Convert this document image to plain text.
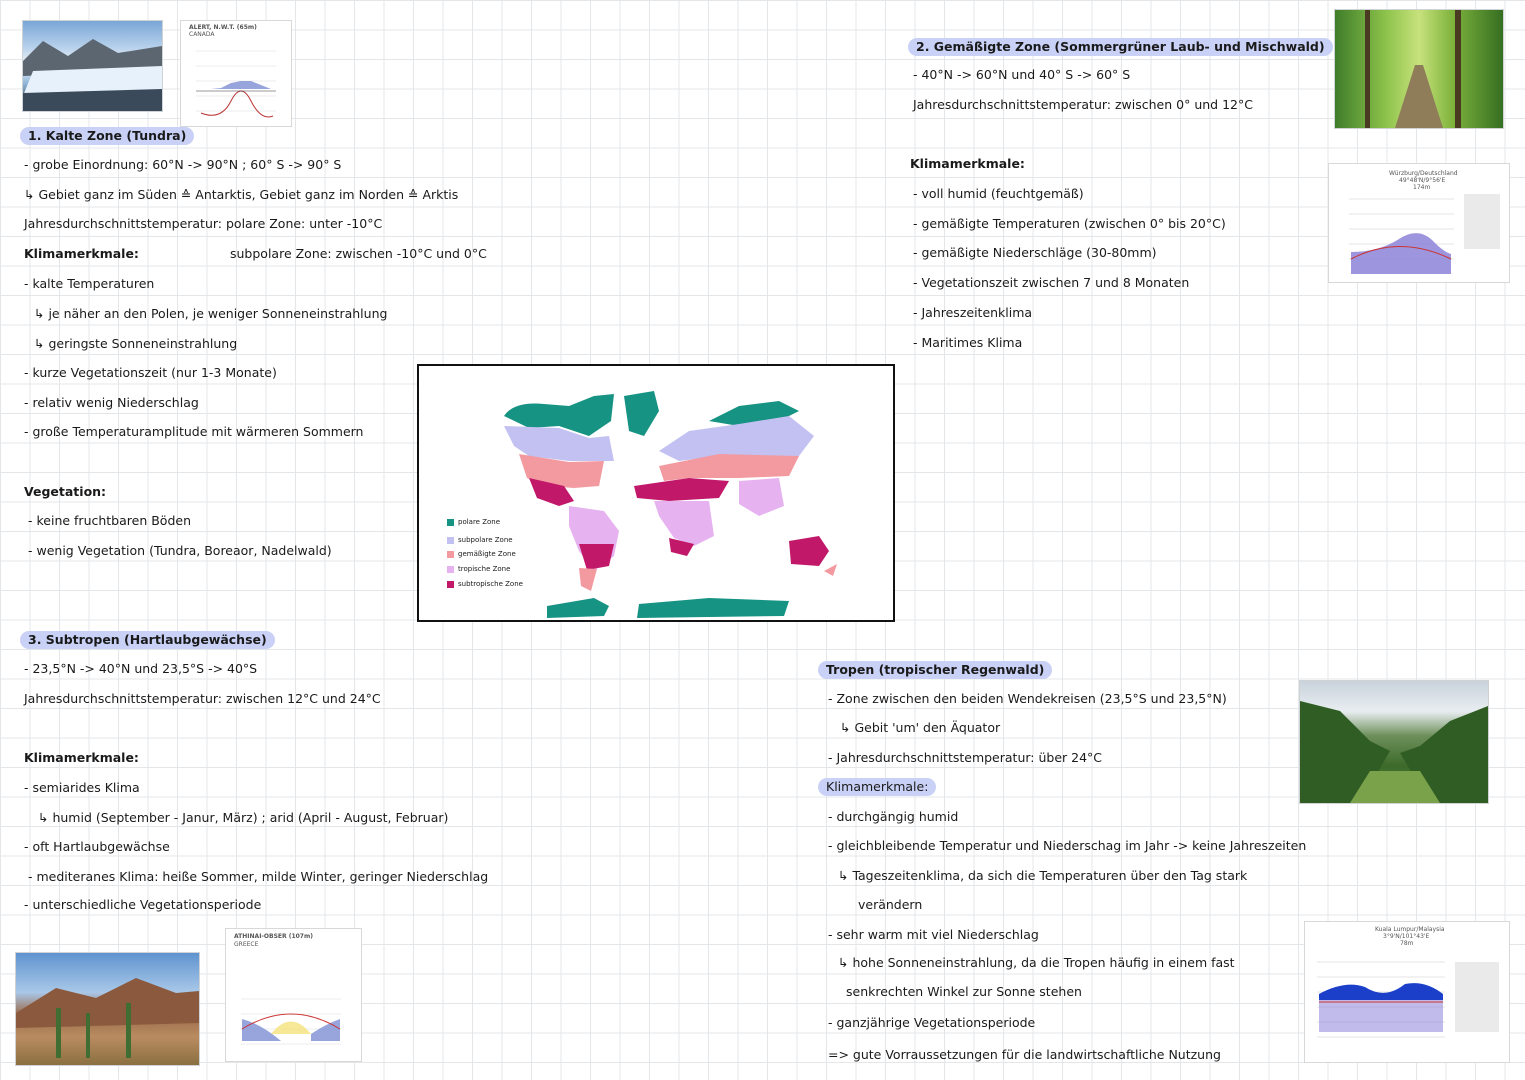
ALERT, N.W.T. (65m)
CANADA
1. Kalte Zone (Tundra)
- grobe Einordnung: 60°N -> 90°N ; 60° S -> 90° S
↳ Gebiet ganz im Süden ≙ Antarktis, Gebiet ganz im Norden ≙ Arktis
Jahresdurchschnittstemperatur: polare Zone: unter -10°C
Klimamerkmale:	subpolare Zone: zwischen -10°C und 0°C
- kalte Temperaturen
↳ je näher an den Polen, je weniger Sonneneinstrahlung
↳ geringste Sonneneinstrahlung
- kurze Vegetationszeit (nur 1-3 Monate)
- relativ wenig Niederschlag
- große Temperaturamplitude mit wärmeren Sommern
Vegetation:
- keine fruchtbaren Böden
- wenig Vegetation (Tundra, Boreaor, Nadelwald)
polare Zone
subpolare Zone
gemäßigte Zone
tropische Zone
subtropische Zone
2. Gemäßigte Zone (Sommergrüner Laub- und Mischwald)
- 40°N -> 60°N und 40° S -> 60° S
Jahresdurchschnittstemperatur: zwischen 0° und 12°C
Klimamerkmale:
- voll humid (feuchtgemäß)
- gemäßigte Temperaturen (zwischen 0° bis 20°C)
- gemäßigte Niederschläge (30-80mm)
- Vegetationszeit zwischen 7 und 8 Monaten
- Jahreszeitenklima
- Maritimes Klima
Würzburg/Deutschland
49°48'N/9°56'E
174m
3. Subtropen (Hartlaubgewächse)
- 23,5°N -> 40°N und 23,5°S -> 40°S
Jahresdurchschnittstemperatur: zwischen 12°C und 24°C
Klimamerkmale:
- semiarides Klima
↳ humid (September - Janur, März) ; arid (April - August, Februar)
- oft Hartlaubgewächse
- mediteranes Klima: heiße Sommer, milde Winter, geringer Niederschlag
- unterschiedliche Vegetationsperiode
ATHINAI-OBSER (107m)
GREECE
Tropen (tropischer Regenwald)
- Zone zwischen den beiden Wendekreisen (23,5°S und 23,5°N)
↳ Gebit 'um' den Äquator
- Jahresdurchschnittstemperatur: über 24°C
Klimamerkmale:
- durchgängig humid
- gleichbleibende Temperatur und Niederschag im Jahr -> keine Jahreszeiten
↳ Tageszeitenklima, da sich die Temperaturen über den Tag stark
verändern
- sehr warm mit viel Niederschlag
↳ hohe Sonneneinstrahlung, da die Tropen häufig in einem fast
senkrechten Winkel zur Sonne stehen
- ganzjährige Vegetationsperiode
=> gute Vorraussetzungen für die landwirtschaftliche Nutzung
Kuala Lumpur/Malaysia
3°9'N/101°43'E
78m
